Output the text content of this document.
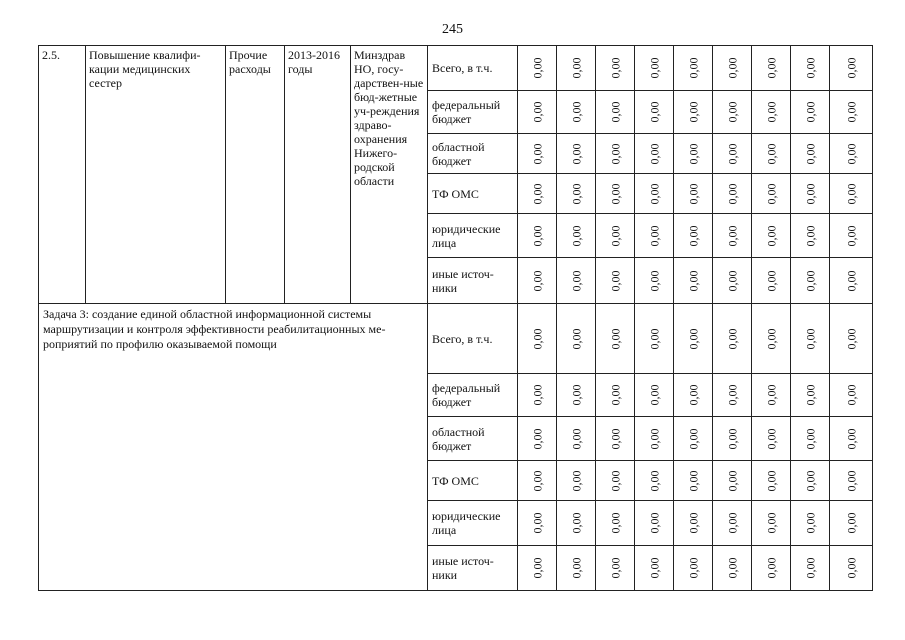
245
2.5.	Повышение квалифи-кации медицинских сестер	Прочие расходы	2013-2016 годы	Минздрав НО, госу-дарствен-ные бюд-жетные уч-реждения здраво-охранения Нижего-родской области	Всего, в т.ч.	0,00	0,00	0,00	0,00	0,00	0,00	0,00	0,00	0,00
					федеральный бюджет	0,00	0,00	0,00	0,00	0,00	0,00	0,00	0,00	0,00
					областной бюджет	0,00	0,00	0,00	0,00	0,00	0,00	0,00	0,00	0,00
					ТФ ОМС	0,00	0,00	0,00	0,00	0,00	0,00	0,00	0,00	0,00
					юридические лица	0,00	0,00	0,00	0,00	0,00	0,00	0,00	0,00	0,00
					иные источ-ники	0,00	0,00	0,00	0,00	0,00	0,00	0,00	0,00	0,00
Задача 3: создание единой областной информационной системы маршрутизации и контроля эффективности реабилитационных ме-роприятий по профилю оказываемой помощи					Всего, в т.ч.	0,00	0,00	0,00	0,00	0,00	0,00	0,00	0,00	0,00
					федеральный бюджет	0,00	0,00	0,00	0,00	0,00	0,00	0,00	0,00	0,00
					областной бюджет	0,00	0,00	0,00	0,00	0,00	0,00	0,00	0,00	0,00
					ТФ ОМС	0,00	0,00	0,00	0,00	0,00	0,00	0,00	0,00	0,00
					юридические лица	0,00	0,00	0,00	0,00	0,00	0,00	0,00	0,00	0,00
					иные источ-ники	0,00	0,00	0,00	0,00	0,00	0,00	0,00	0,00	0,00
